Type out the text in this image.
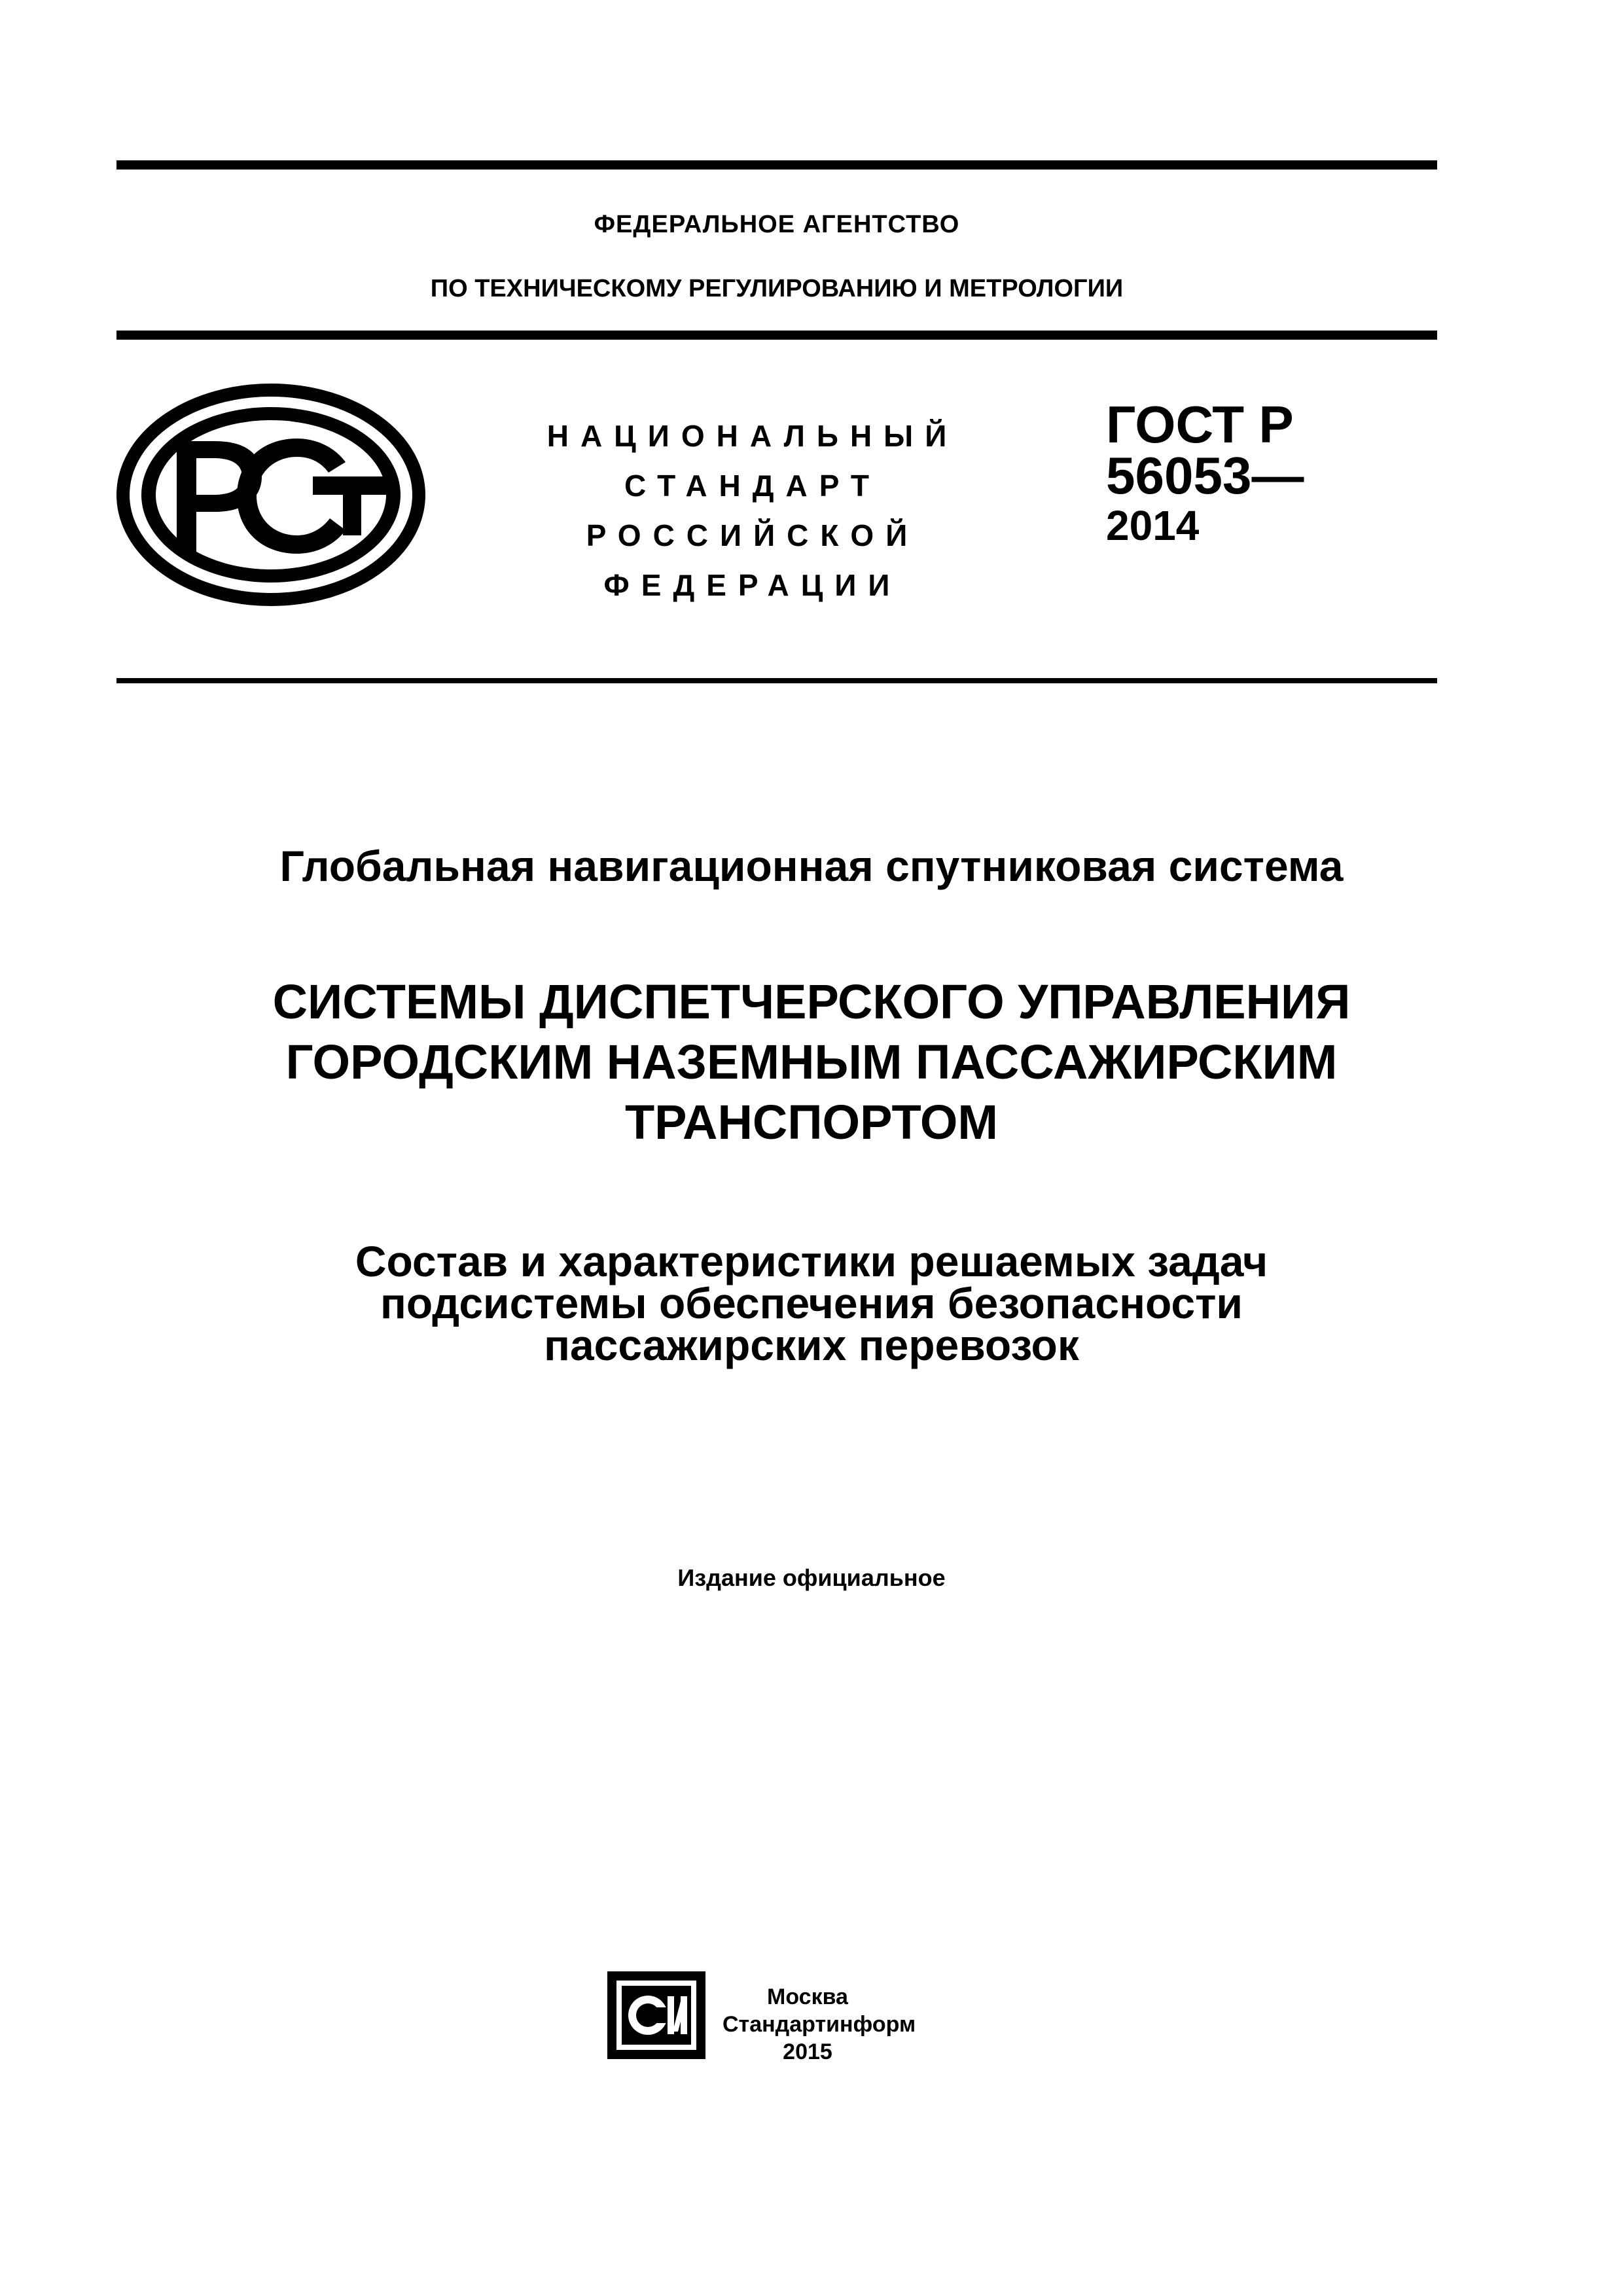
ФЕДЕРАЛЬНОЕ АГЕНТСТВО
ПО ТЕХНИЧЕСКОМУ РЕГУЛИРОВАНИЮ И МЕТРОЛОГИИ
РСТ
НАЦИОНАЛЬНЫЙ
СТАНДАРТ
РОССИЙСКОЙ
ФЕДЕРАЦИИ
ГОСТ Р
56053—
2014
Глобальная навигационная спутниковая система
СИСТЕМЫ ДИСПЕТЧЕРСКОГО УПРАВЛЕНИЯ
ГОРОДСКИМ НАЗЕМНЫМ ПАССАЖИРСКИМ
ТРАНСПОРТОМ
Состав и характеристики решаемых задач
подсистемы обеспечения безопасности
пассажирских перевозок
Издание официальное
Москва
Стандартинформ
2015
